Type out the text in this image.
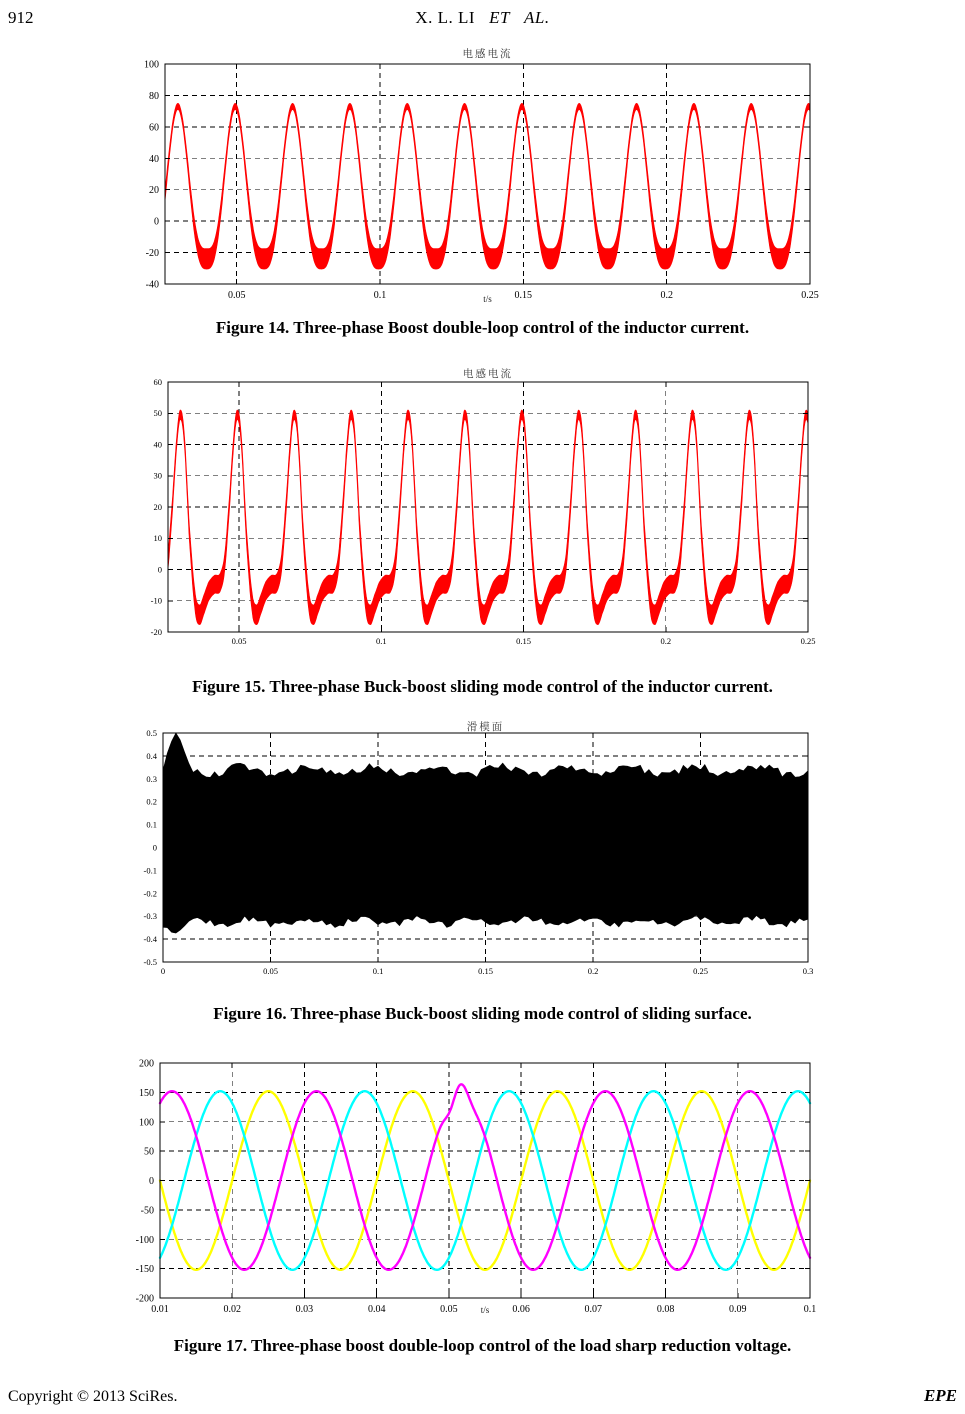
912	X. L. LI ET AL.
电感电流
0.05	0.1	0.15	0.2	0.25
-40
-20
0
20
40
60
80
100
t/s
Figure 14. Three-phase Boost double-loop control of the inductor current.
电感电流
0.05	0.1	0.15	0.2	0.25
-20
-10
0
10
20
30
40
50
60
Figure 15. Three-phase Buck-boost sliding mode control of the inductor current.
滑模面
0	0.05	0.1	0.15	0.2	0.25	0.3
-0.5
-0.4
-0.3
-0.2
-0.1
0
0.1
0.2
0.3
0.4
0.5
Figure 16. Three-phase Buck-boost sliding mode control of sliding surface.
0.01	0.02	0.03	0.04	0.05	0.06	0.07	0.08	0.09	0.1
-200
-150
-100
-50
0
50
100
150
200
t/s
Figure 17. Three-phase boost double-loop control of the load sharp reduction voltage.
Copyright © 2013 SciRes.	EPE
